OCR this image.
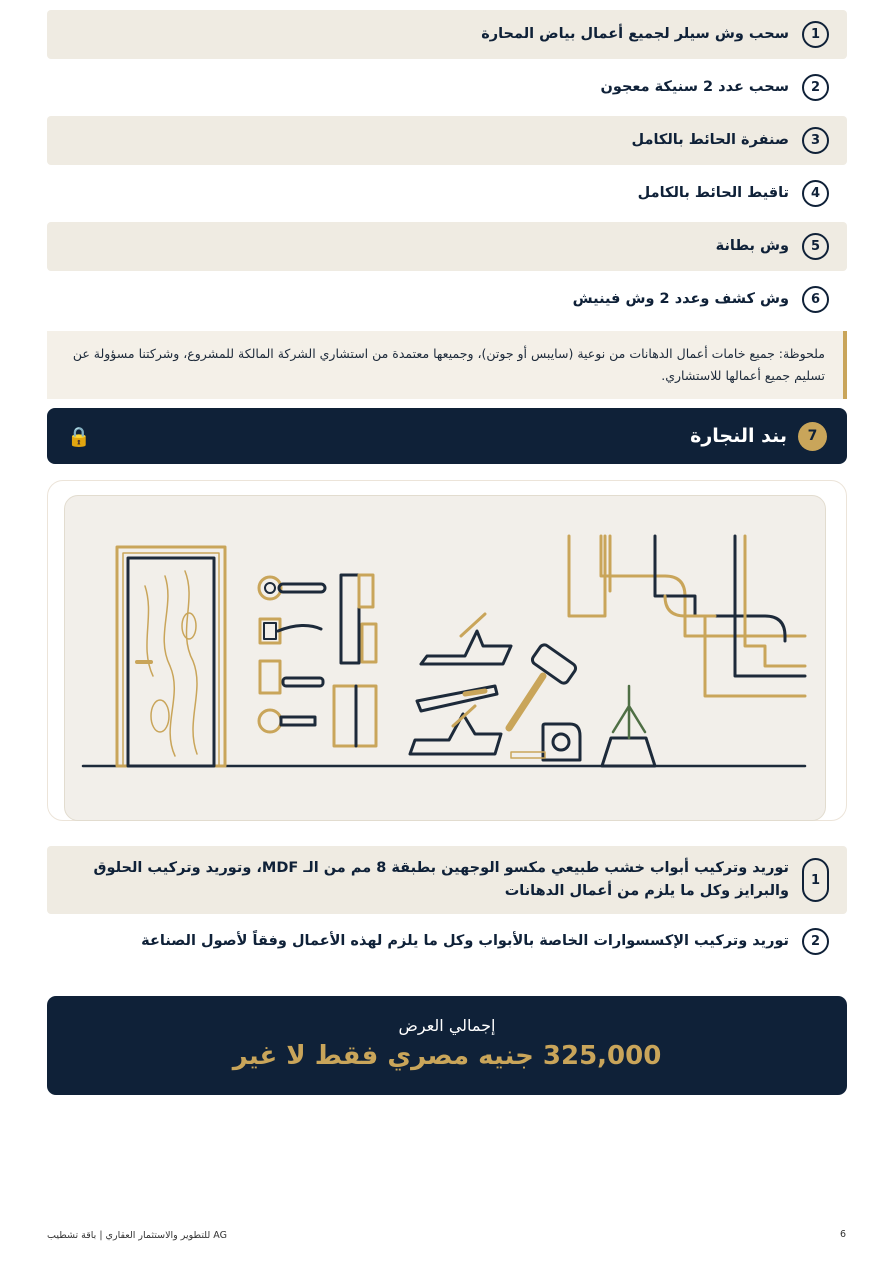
1
سحب وش سيلر لجميع أعمال بياض المحارة
2
سحب عدد 2 سنيكة معجون
3
صنفرة الحائط بالكامل
4
تاقيط الحائط بالكامل
5
وش بطانة
6
وش كشف وعدد 2 وش فينيش
ملحوظة: جميع خامات أعمال الدهانات من نوعية (سايبس أو جوتن)، وجميعها معتمدة من استشاري الشركة المالكة للمشروع، وشركتنا مسؤولة عن تسليم جميع أعمالها للاستشاري.
7
بند النجارة
🔒
1
توريد وتركيب أبواب خشب طبيعي مكسو الوجهين بطبقة 8 مم من الـ MDF، وتوريد وتركيب الحلوق والبرايز وكل ما يلزم من أعمال الدهانات
2
توريد وتركيب الإكسسوارات الخاصة بالأبواب وكل ما يلزم لهذه الأعمال وفقاً لأصول الصناعة
إجمالي العرض
325,000 جنيه مصري فقط لا غير
AG للتطوير والاستثمار العقاري | باقة تشطيب	6
